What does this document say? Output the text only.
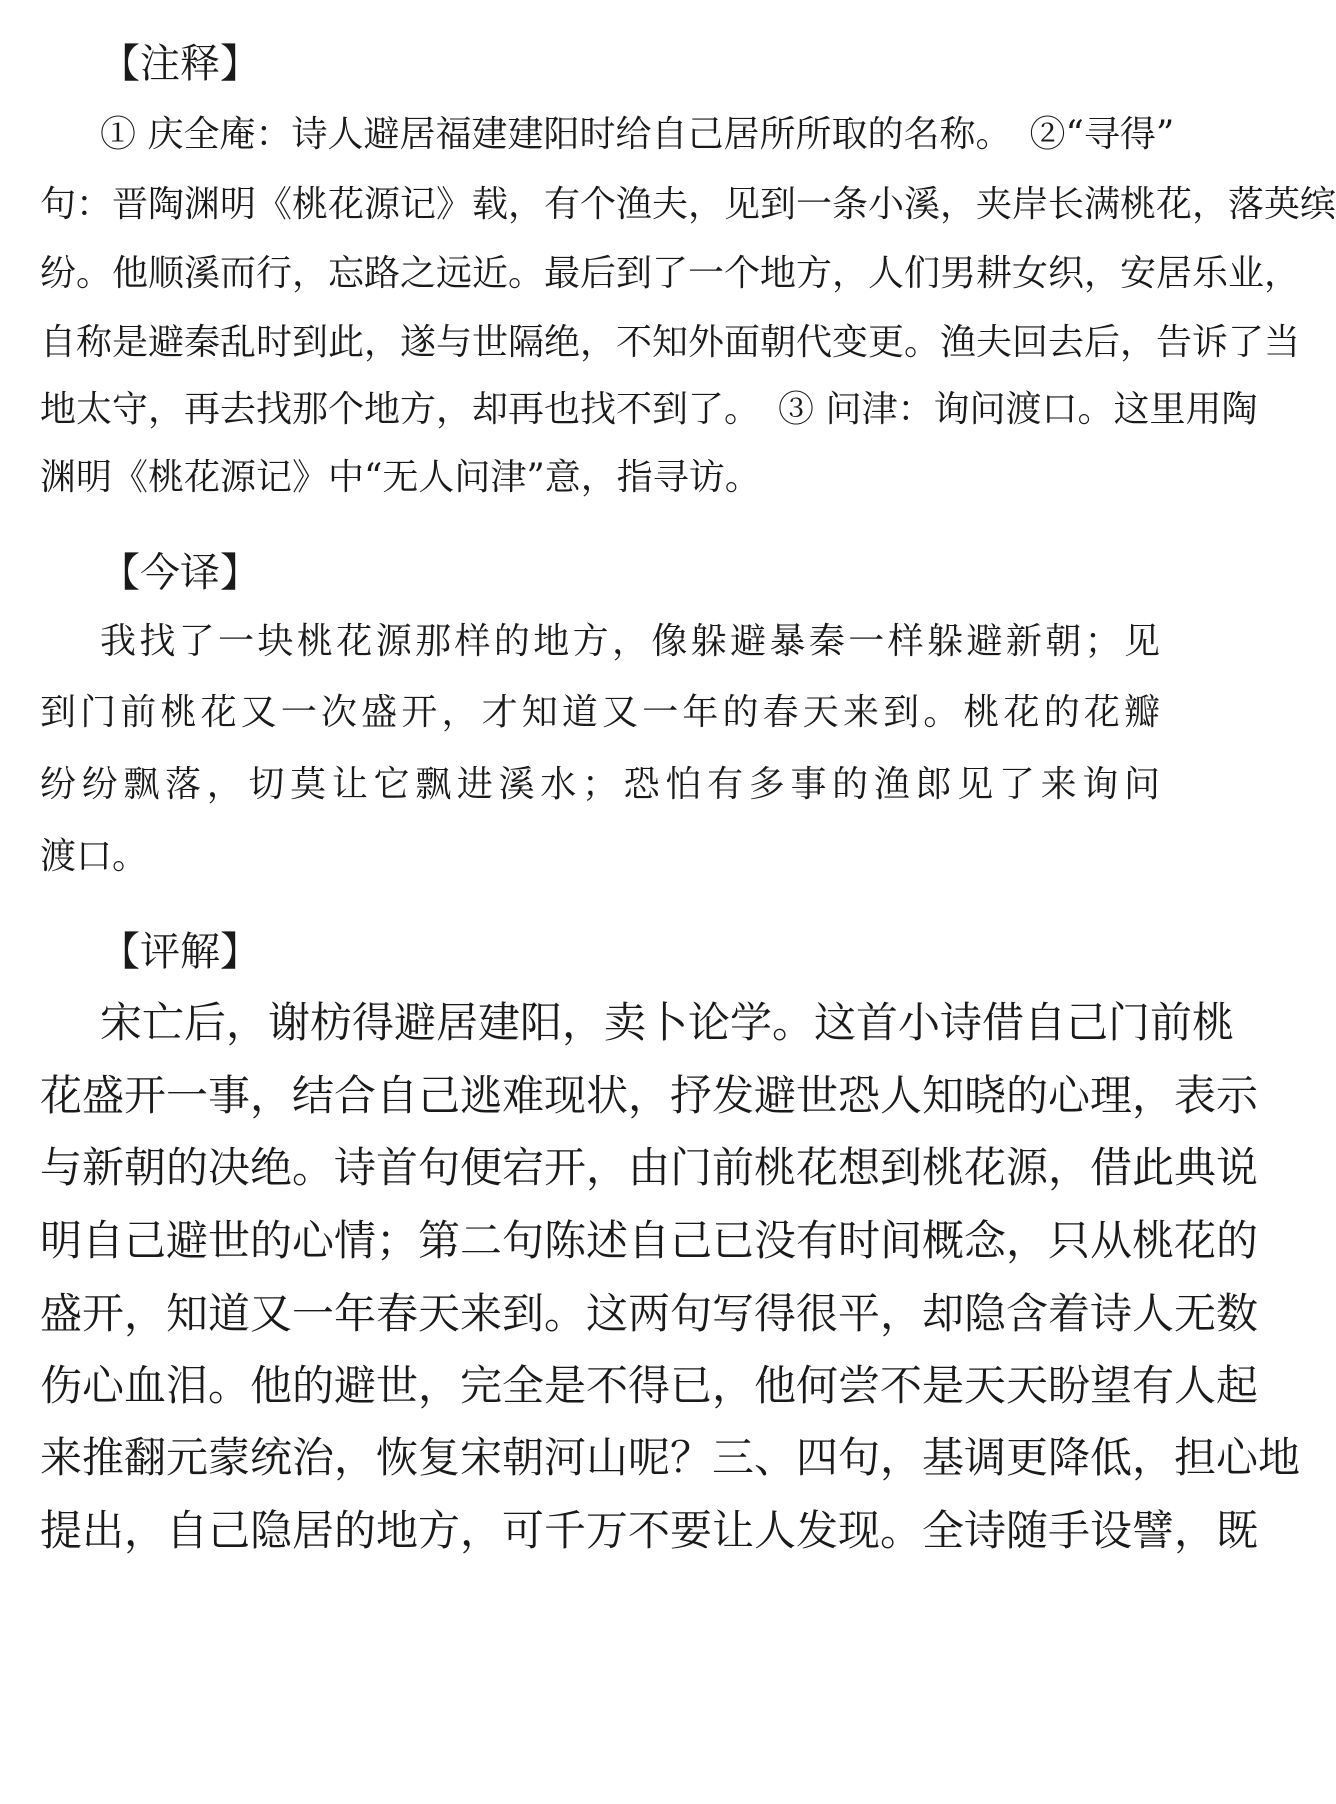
【注释】

① 庆全庵：诗人避居福建建阳时给自己居所所取的名称。　②“寻得”

句：晋陶渊明《桃花源记》载，有个渔夫，见到一条小溪，夹岸长满桃花，落英缤

纷。他顺溪而行，忘路之远近。最后到了一个地方，人们男耕女织，安居乐业，

自称是避秦乱时到此，遂与世隔绝，不知外面朝代变更。渔夫回去后，告诉了当

地太守，再去找那个地方，却再也找不到了。　③ 问津：询问渡口。这里用陶

渊明《桃花源记》中“无人问津”意，指寻访。

【今译】

我找了一块桃花源那样的地方，像躲避暴秦一样躲避新朝；见

到门前桃花又一次盛开，才知道又一年的春天来到。桃花的花瓣

纷纷飘落，切莫让它飘进溪水；恐怕有多事的渔郎见了来询问

渡口。

【评解】

宋亡后，谢枋得避居建阳，卖卜论学。这首小诗借自己门前桃

花盛开一事，结合自己逃难现状，抒发避世恐人知晓的心理，表示

与新朝的决绝。诗首句便宕开，由门前桃花想到桃花源，借此典说

明自己避世的心情；第二句陈述自己已没有时间概念，只从桃花的

盛开，知道又一年春天来到。这两句写得很平，却隐含着诗人无数

伤心血泪。他的避世，完全是不得已，他何尝不是天天盼望有人起

来推翻元蒙统治，恢复宋朝河山呢？三、四句，基调更降低，担心地

提出，自己隐居的地方，可千万不要让人发现。全诗随手设譬，既
